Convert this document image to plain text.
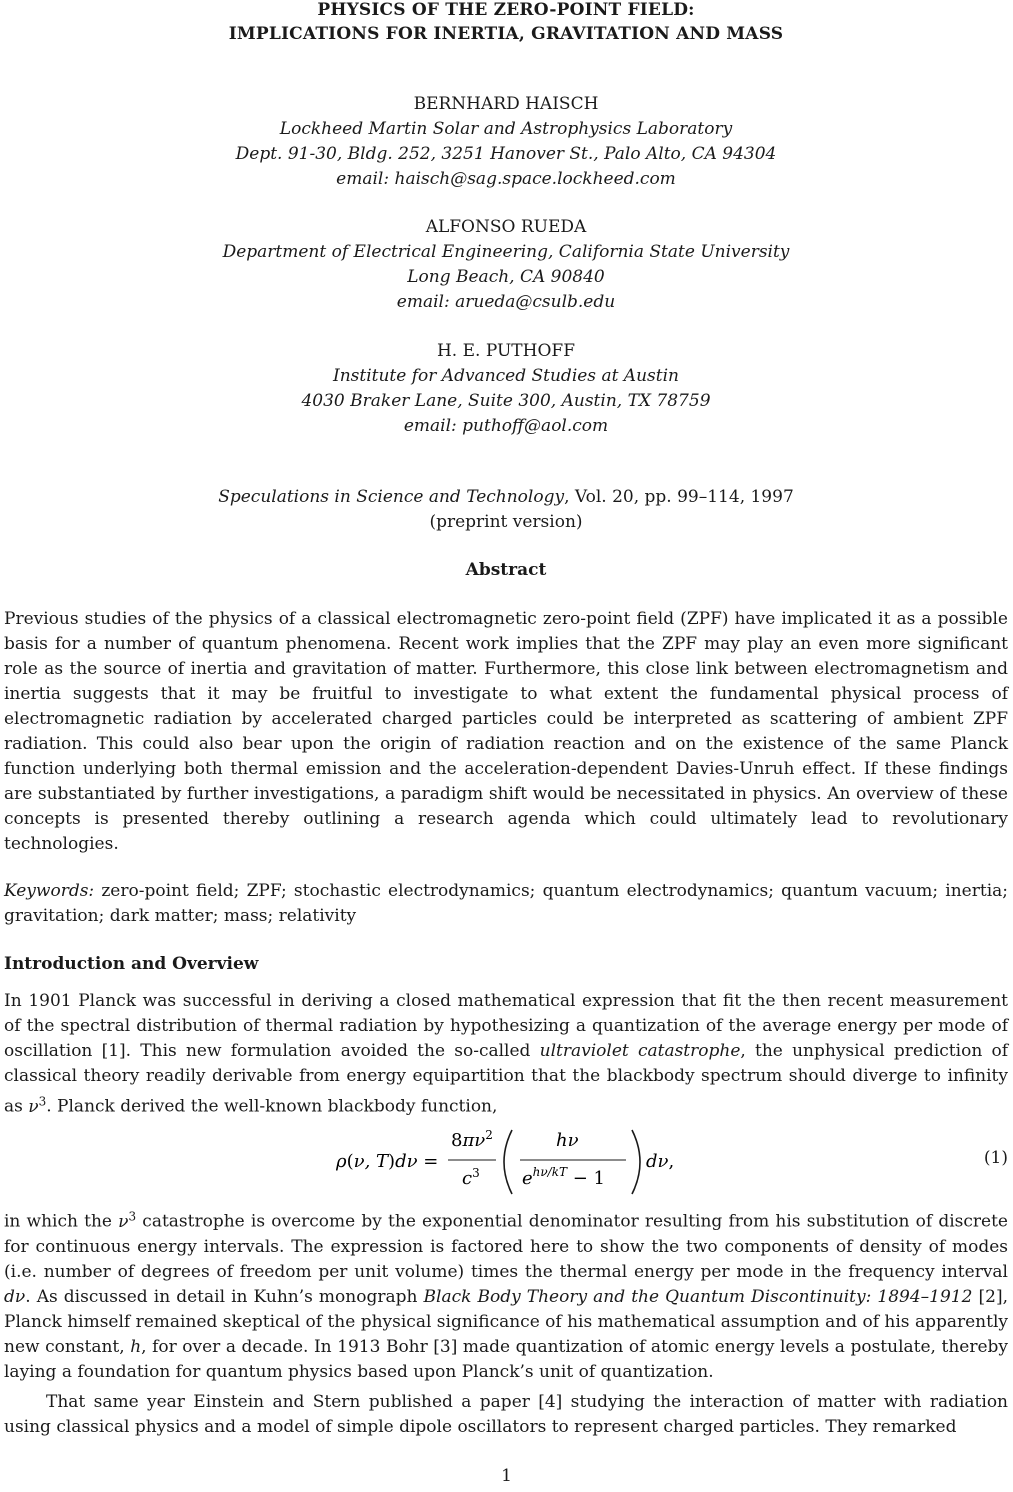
PHYSICS OF THE ZERO-POINT FIELD:
IMPLICATIONS FOR INERTIA, GRAVITATION AND MASS
BERNHARD HAISCH
Lockheed Martin Solar and Astrophysics Laboratory
Dept. 91-30, Bldg. 252, 3251 Hanover St., Palo Alto, CA 94304
email: haisch@sag.space.lockheed.com
ALFONSO RUEDA
Department of Electrical Engineering, California State University
Long Beach, CA 90840
email: arueda@csulb.edu
H. E. PUTHOFF
Institute for Advanced Studies at Austin
4030 Braker Lane, Suite 300, Austin, TX 78759
email: puthoff@aol.com
Speculations in Science and Technology, Vol. 20, pp. 99–114, 1997
(preprint version)
Abstract
Previous studies of the physics of a classical electromagnetic zero-point field (ZPF) have implicated it as a possible basis for a number of quantum phenomena. Recent work implies that the ZPF may play an even more significant role as the source of inertia and gravitation of matter. Furthermore, this close link between electromagnetism and inertia suggests that it may be fruitful to investigate to what extent the fundamental physical process of electromagnetic radiation by accelerated charged particles could be interpreted as scattering of ambient ZPF radiation. This could also bear upon the origin of radiation reaction and on the existence of the same Planck function underlying both thermal emission and the acceleration-dependent Davies-Unruh effect. If these findings are substantiated by further investigations, a paradigm shift would be necessitated in physics. An overview of these concepts is presented thereby outlining a research agenda which could ultimately lead to revolutionary technologies.
Keywords: zero-point field; ZPF; stochastic electrodynamics; quantum electrodynamics; quantum vacuum; inertia; gravitation; dark matter; mass; relativity
Introduction and Overview
In 1901 Planck was successful in deriving a closed mathematical expression that fit the then recent measurement of the spectral distribution of thermal radiation by hypothesizing a quantization of the average energy per mode of oscillation [1]. This new formulation avoided the so-called ultraviolet catastrophe, the unphysical prediction of classical theory readily derivable from energy equipartition that the blackbody spectrum should diverge to infinity as $\nu^3$. Planck derived the well-known blackbody function,
ρ(ν, T)dν =
$8\pi\nu^2$
$c^3$
hν
$e^{h\nu/kT} - 1$
dν,	(1)
in which the $\nu^3$ catastrophe is overcome by the exponential denominator resulting from his substitution of discrete for continuous energy intervals. The expression is factored here to show the two components of density of modes (i.e. number of degrees of freedom per unit volume) times the thermal energy per mode in the frequency interval dν. As discussed in detail in Kuhn’s monograph Black Body Theory and the Quantum Discontinuity: 1894–1912 [2], Planck himself remained skeptical of the physical significance of his mathematical assumption and of his apparently new constant, h, for over a decade. In 1913 Bohr [3] made quantization of atomic energy levels a postulate, thereby laying a foundation for quantum physics based upon Planck’s unit of quantization.
That same year Einstein and Stern published a paper [4] studying the interaction of matter with radiation using classical physics and a model of simple dipole oscillators to represent charged particles. They remarked
1
